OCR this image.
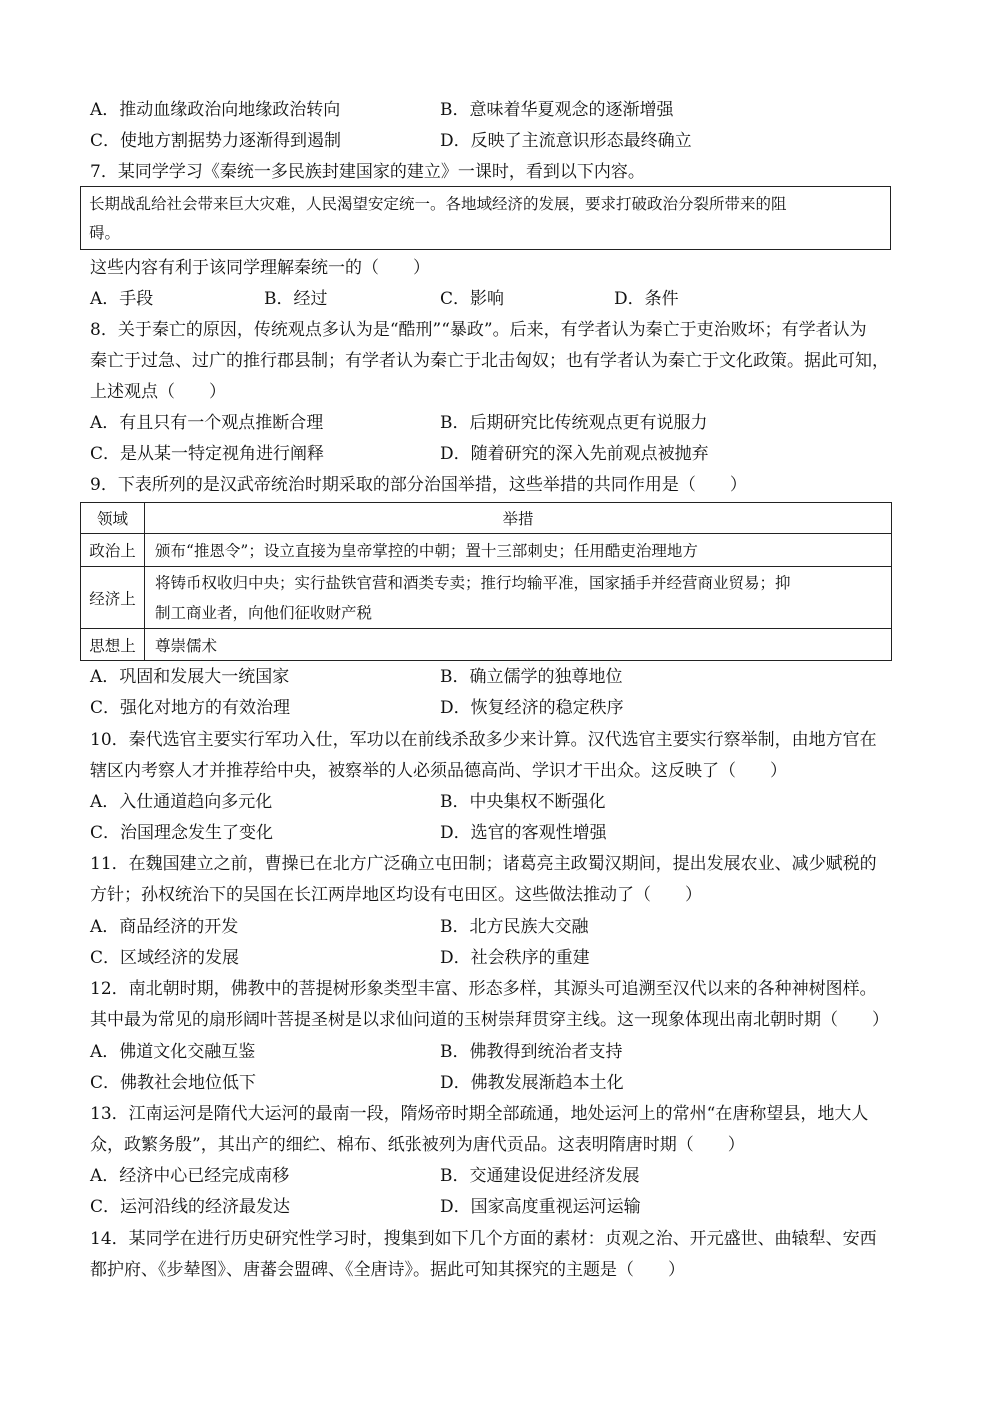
A．推动血缘政治向地缘政治转向	B．意味着华夏观念的逐渐增强
C．使地方割据势力逐渐得到遏制	D．反映了主流意识形态最终确立
7．某同学学习《秦统一多民族封建国家的建立》一课时，看到以下内容。
长期战乱给社会带来巨大灾难，人民渴望安定统一。各地域经济的发展，要求打破政治分裂所带来的阻
碍。
这些内容有利于该同学理解秦统一的（　　）
A．手段	B．经过	C．影响	D．条件
8．关于秦亡的原因，传统观点多认为是“酷刑”“暴政”。后来，有学者认为秦亡于吏治败坏；有学者认为
秦亡于过急、过广的推行郡县制；有学者认为秦亡于北击匈奴；也有学者认为秦亡于文化政策。据此可知，
上述观点（　　）
A．有且只有一个观点推断合理	B．后期研究比传统观点更有说服力
C．是从某一特定视角进行阐释	D．随着研究的深入先前观点被抛弃
9．下表所列的是汉武帝统治时期采取的部分治国举措，这些举措的共同作用是（　　）
领域	举措
政治上	颁布“推恩令”；设立直接为皇帝掌控的中朝；置十三部刺史；任用酷吏治理地方
经济上	将铸币权收归中央；实行盐铁官营和酒类专卖；推行均输平准，国家插手并经营商业贸易；抑
制工商业者，向他们征收财产税

思想上	尊崇儒术
A．巩固和发展大一统国家	B．确立儒学的独尊地位
C．强化对地方的有效治理	D．恢复经济的稳定秩序
10．秦代选官主要实行军功入仕，军功以在前线杀敌多少来计算。汉代选官主要实行察举制，由地方官在
辖区内考察人才并推荐给中央，被察举的人必须品德高尚、学识才干出众。这反映了（　　）
A．入仕通道趋向多元化	B．中央集权不断强化
C．治国理念发生了变化	D．选官的客观性增强
11．在魏国建立之前，曹操已在北方广泛确立屯田制；诸葛亮主政蜀汉期间，提出发展农业、减少赋税的
方针；孙权统治下的吴国在长江两岸地区均设有屯田区。这些做法推动了（　　）
A．商品经济的开发	B．北方民族大交融
C．区域经济的发展	D．社会秩序的重建
12．南北朝时期，佛教中的菩提树形象类型丰富、形态多样，其源头可追溯至汉代以来的各种神树图样。
其中最为常见的扇形阔叶菩提圣树是以求仙问道的玉树崇拜贯穿主线。这一现象体现出南北朝时期（　　）
A．佛道文化交融互鉴	B．佛教得到统治者支持
C．佛教社会地位低下	D．佛教发展渐趋本土化
13．江南运河是隋代大运河的最南一段，隋炀帝时期全部疏通，地处运河上的常州“在唐称望县，地大人
众，政繁务殷”，其出产的细纻、棉布、纸张被列为唐代贡品。这表明隋唐时期（　　）
A．经济中心已经完成南移	B．交通建设促进经济发展
C．运河沿线的经济最发达	D．国家高度重视运河运输
14．某同学在进行历史研究性学习时，搜集到如下几个方面的素材：贞观之治、开元盛世、曲辕犁、安西
都护府、《步辇图》、唐蕃会盟碑、《全唐诗》。据此可知其探究的主题是（　　）
